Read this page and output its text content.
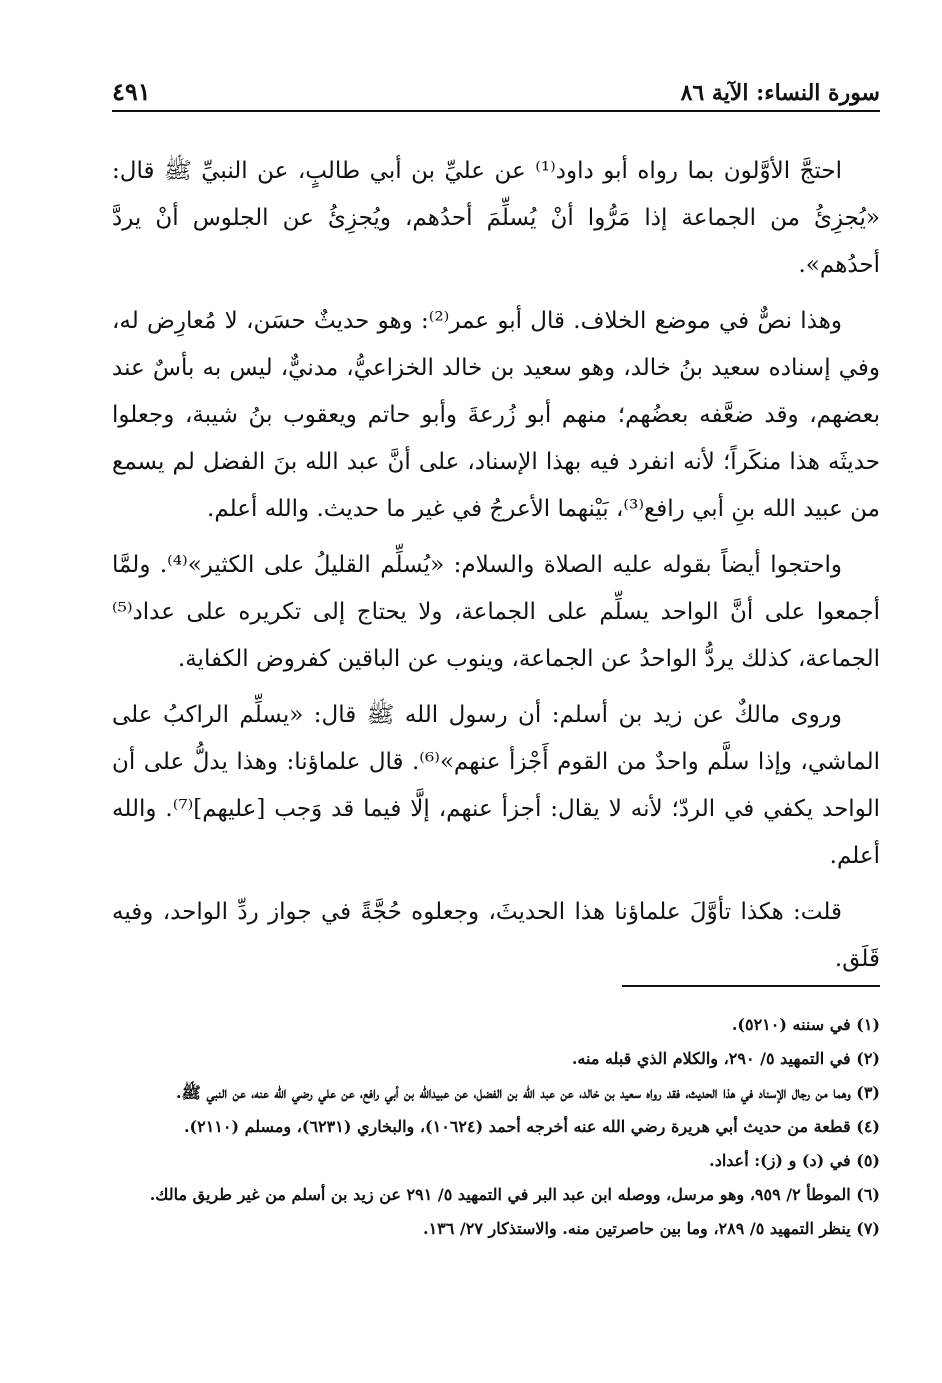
سورة النساء: الآية ٨٦
٤٩١

احتجَّ الأوَّلون بما رواه أبو داود⁽¹⁾ عن عليِّ بن أبي طالبٍ، عن النبيِّ ﷺ قال: «يُجزِئُ من الجماعة إذا مَرُّوا أنْ يُسلِّمَ أحدُهم، ويُجزِئُ عن الجلوس أنْ يردَّ أحدُهم».

وهذا نصٌّ في موضع الخلاف. قال أبو عمر⁽²⁾: وهو حديثٌ حسَن، لا مُعارِض له، وفي إسناده سعيد بنُ خالد، وهو سعيد بن خالد الخزاعيُّ، مدنيٌّ، ليس به بأسٌ عند بعضهم، وقد ضعَّفه بعضُهم؛ منهم أبو زُرعةَ وأبو حاتم ويعقوب بنُ شيبة، وجعلوا حديثَه هذا منكَراً؛ لأنه انفرد فيه بهذا الإسناد، على أنَّ عبد الله بنَ الفضل لم يسمع من عبيد الله بنِ أبي رافع⁽³⁾، بَيْنهما الأعرجُ في غير ما حديث. والله أعلم.

واحتجوا أيضاً بقوله عليه الصلاة والسلام: «يُسلِّم القليلُ على الكثير»⁽⁴⁾. ولمَّا أجمعوا على أنَّ الواحد يسلِّم على الجماعة، ولا يحتاج إلى تكريره على عداد⁽⁵⁾ الجماعة، كذلك يردُّ الواحدُ عن الجماعة، وينوب عن الباقين كفروض الكفاية.

وروى مالكٌ عن زيد بن أسلم: أن رسول الله ﷺ قال: «يسلِّم الراكبُ على الماشي، وإذا سلَّم واحدٌ من القوم أَجْزأ عنهم»⁽⁶⁾. قال علماؤنا: وهذا يدلُّ على أن الواحد يكفي في الردّ؛ لأنه لا يقال: أجزأ عنهم، إلَّا فيما قد وَجب [عليهم]⁽⁷⁾. والله أعلم.

قلت: هكذا تأوَّلَ علماؤنا هذا الحديثَ، وجعلوه حُجَّةً في جواز ردِّ الواحد، وفيه قَلَق.

(١) في سننه (٥٢١٠).
(٢) في التمهيد ٥/ ٢٩٠، والكلام الذي قبله منه.
(٣) وهما من رجال الإسناد في هذا الحديث، فقد رواه سعيد بن خالد، عن عبد الله بن الفضل، عن عبيدالله بن أبي رافع، عن علي رضي الله عنه، عن النبي ﷺ.
(٤) قطعة من حديث أبي هريرة رضي الله عنه أخرجه أحمد (١٠٦٢٤)، والبخاري (٦٢٣١)، ومسلم (٢١١٠).
(٥) في (د) و (ز): أعداد.
(٦) الموطأ ٢/ ٩٥٩، وهو مرسل، ووصله ابن عبد البر في التمهيد ٥/ ٢٩١ عن زيد بن أسلم من غير طريق مالك.
(٧) ينظر التمهيد ٥/ ٢٨٩، وما بين حاصرتين منه. والاستذكار ٢٧/ ١٣٦.
